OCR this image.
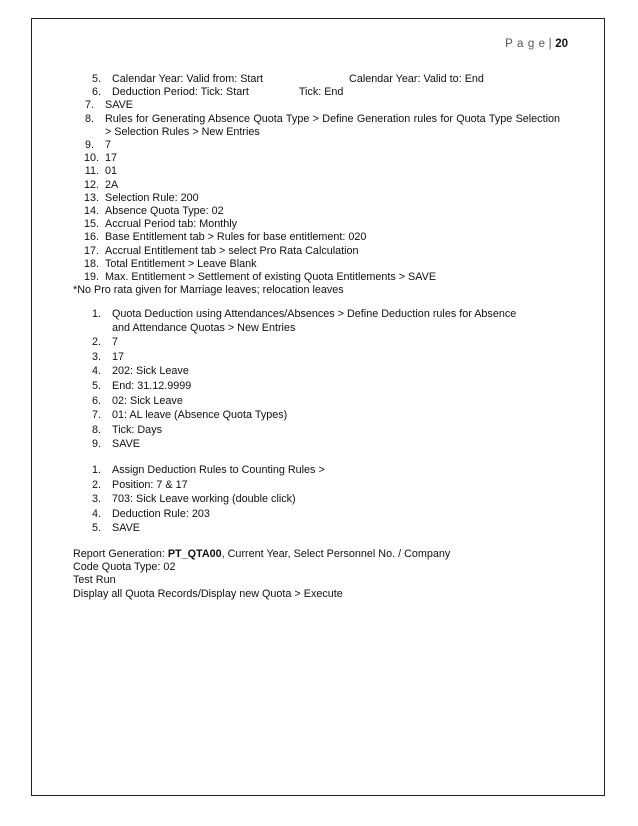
P a g e | 20
5. Calendar Year: Valid from: Start	Calendar Year: Valid to: End
6. Deduction Period: Tick: Start	Tick: End
7. SAVE
8. Rules for Generating Absence Quota Type > Define Generation rules for Quota Type Selection > Selection Rules > New Entries
9. 7
10. 17
11. 01
12. 2A
13. Selection Rule: 200
14. Absence Quota Type: 02
15. Accrual Period tab: Monthly
16. Base Entitlement tab > Rules for base entitlement: 020
17. Accrual Entitlement tab > select Pro Rata Calculation
18. Total Entitlement > Leave Blank
19. Max. Entitlement > Settlement of existing Quota Entitlements > SAVE
*No Pro rata given for Marriage leaves; relocation leaves
1. Quota Deduction using Attendances/Absences > Define Deduction rules for Absence and Attendance Quotas > New Entries
2. 7
3. 17
4. 202: Sick Leave
5. End: 31.12.9999
6. 02: Sick Leave
7. 01: AL leave (Absence Quota Types)
8. Tick: Days
9. SAVE
1. Assign Deduction Rules to Counting Rules >
2. Position: 7 & 17
3. 703: Sick Leave working (double click)
4. Deduction Rule: 203
5. SAVE
Report Generation: PT_QTA00, Current Year, Select Personnel No. / Company
Code Quota Type: 02
Test Run
Display all Quota Records/Display new Quota > Execute
